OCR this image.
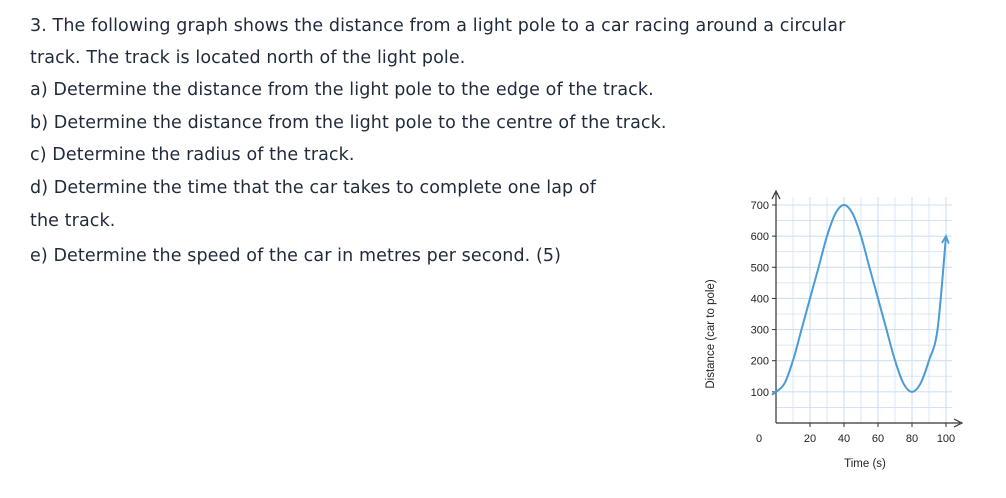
3. The following graph shows the distance from a light pole to a car racing around a circular
track. The track is located north of the light pole.
a) Determine the distance from the light pole to the edge of the track.
b) Determine the distance from the light pole to the centre of the track.
c) Determine the radius of the track.
d) Determine the time that the car takes to complete one lap of
the track.
e) Determine the speed of the car in metres per second. (5)
100
200
300
400
500
600
700
20 40 60 80 100
0
Time (s)
Distance (car to pole)
